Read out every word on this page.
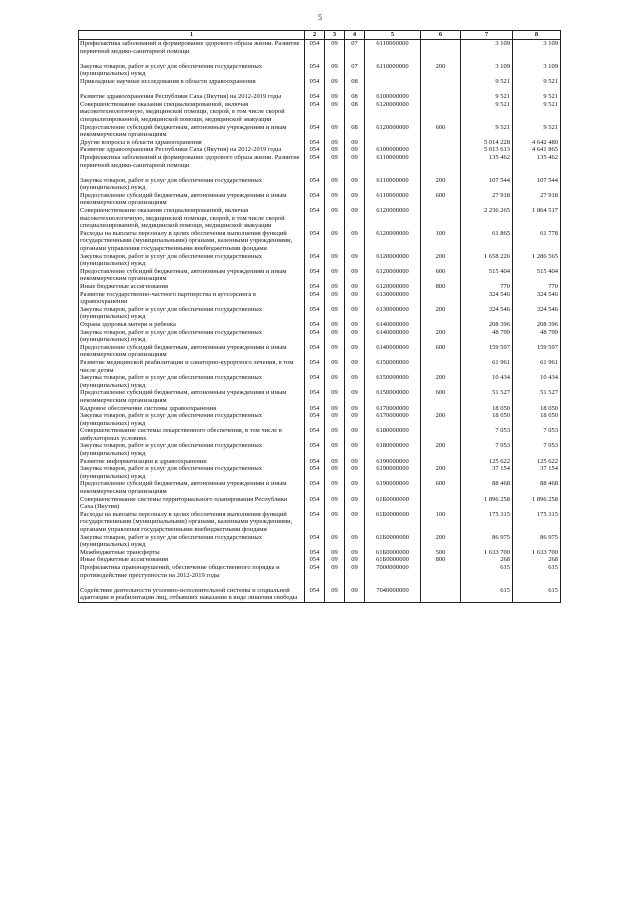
5
1	2	3	4	5	6	7	8
Профилактика заболеваний и формирование здорового образа жизни. Развитие первичной медико-санитарной помощи	054	09	07	6110000000		3 109	3 109

Закупка товаров, работ и услуг для обеспечения государственных (муниципальных) нужд	054	09	07	6110000000	200	3 109	3 109
Прикладные научные исследования в области здравоохранения	054	09	08			9 521	9 521

Развитие здравоохранения Республики Саха (Якутия) на 2012-2019 годы	054	09	08	6100000000		9 521	9 521
Совершенствование оказания специализированной, включая высокотехнологичную, медицинской помощи, скорой, в том числе скорой специализированной, медицинской помощи, медицинской эвакуации	054	09	08	6120000000		9 521	9 521
Предоставление субсидий бюджетным, автономным учреждениям и иным некоммерческим организациям	054	09	08	6120000000	600	9 521	9 521
Другие вопросы в области здравоохранения	054	09	09			5 014 228	4 642 480
Развитие здравоохранения Республики Саха (Якутия) на 2012-2019 годы	054	09	09	6100000000		5 013 613	4 641 865
Профилактика заболеваний и формирование здорового образа жизни. Развитие первичной медико-санитарной помощи	054	09	09	6110000000		135 462	135 462

Закупка товаров, работ и услуг для обеспечения государственных (муниципальных) нужд	054	09	09	6110000000	200	107 544	107 544
Предоставление субсидий бюджетным, автономным учреждениям и иным некоммерческим организациям	054	09	09	6110000000	600	27 918	27 918
Совершенствование оказания специализированной, включая высокотехнологичную, медицинской помощи, скорой, в том числе скорой специализированной, медицинской помощи, медицинской эвакуации	054	09	09	6120000000		2 236 265	1 864 517
Расходы на выплаты персоналу в целях обеспечения выполнения функций государственными (муниципальными) органами, казенными учреждениями, органами управления государственными внебюджетными фондами	054	09	09	6120000000	100	61 865	61 778
Закупка товаров, работ и услуг для обеспечения государственных (муниципальных) нужд	054	09	09	6120000000	200	1 658 226	1 286 565
Предоставление субсидий бюджетным, автономным учреждениям и иным некоммерческим организациям	054	09	09	6120000000	600	515 404	515 404
Иные бюджетные ассигнования	054	09	09	6120000000	800	770	770
Развитие государственно-частного партнерства и аутсорсинга в здравоохранении	054	09	09	6130000000		324 546	324 546
Закупка товаров, работ и услуг для обеспечения государственных (муниципальных) нужд	054	09	09	6130000000	200	324 546	324 546
Охрана здоровья матери и ребенка	054	09	09	6140000000		208 396	208 396
Закупка товаров, работ и услуг для обеспечения государственных (муниципальных) нужд	054	09	09	6140000000	200	48 799	48 799
Предоставление субсидий бюджетным, автономным учреждениям и иным некоммерческим организациям	054	09	09	6140000000	600	159 597	159 597
Развитие медицинской реабилитации и санаторно-курортного лечения, в том числе детям	054	09	09	6150000000		61 961	61 961
Закупка товаров, работ и услуг для обеспечения государственных (муниципальных) нужд	054	09	09	6150000000	200	10 434	10 434
Предоставление субсидий бюджетным, автономным учреждениям и иным некоммерческим организациям	054	09	09	6150000000	600	51 527	51 527
Кадровое обеспечение системы здравоохранения	054	09	09	6170000000		18 050	18 050
Закупка товаров, работ и услуг для обеспечения государственных (муниципальных) нужд	054	09	09	6170000000	200	18 050	18 050
Совершенствование системы лекарственного обеспечения, в том числе в амбулаторных условиях	054	09	09	6180000000		7 053	7 053
Закупка товаров, работ и услуг для обеспечения государственных (муниципальных) нужд	054	09	09	6180000000	200	7 053	7 053
Развитие информатизации в здравоохранении	054	09	09	6190000000		125 622	125 622
Закупка товаров, работ и услуг для обеспечения государственных (муниципальных) нужд	054	09	09	6190000000	200	37 154	37 154
Предоставление субсидий бюджетным, автономным учреждениям и иным некоммерческим организациям	054	09	09	6190000000	600	88 468	88 468
Совершенствование системы территориального планирования Республики Саха (Якутия)	054	09	09	61Б0000000		1 896 258	1 896 258
Расходы на выплаты персоналу в целях обеспечения выполнения функций государственными (муниципальными) органами, казенными учреждениями, органами управления государственными внебюджетными фондами	054	09	09	61Б0000000	100	175 315	175 315
Закупка товаров, работ и услуг для обеспечения государственных (муниципальных) нужд	054	09	09	61Б0000000	200	86 975	86 975
Межбюджетные трансферты	054	09	09	61Б0000000	500	1 633 700	1 633 700
Иные бюджетные ассигнования	054	09	09	61Б0000000	800	268	268
Профилактика правонарушений, обеспечение общественного порядка и противодействие преступности на 2012-2019 годы	054	09	09	7000000000		615	615

Содействие деятельности уголовно-исполнительной системы и социальной адаптации и реабилитации лиц, отбывших наказание в виде лишения свободы	054	09	09	7040000000		615	615
